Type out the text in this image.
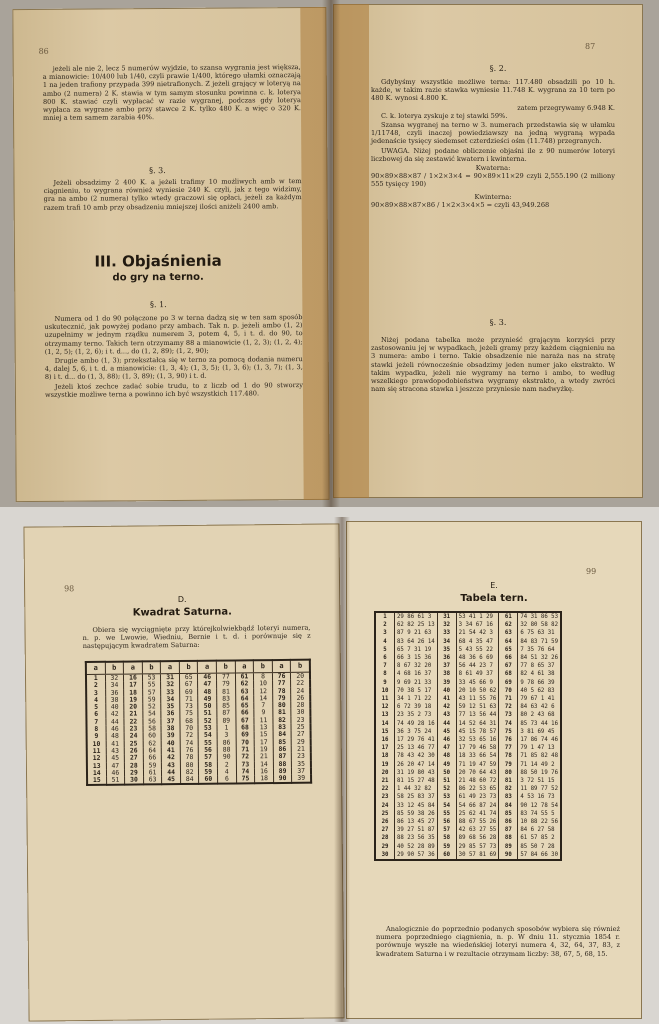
86

jeżeli ale nie 2, lecz 5 numerów wyjdzie, to szansa wygrania jest większa, a mianowicie: 10/400 lub 1/40, czyli prawie 1/400, którego ułamki oznaczają 1 na jeden trafiony przypada 399 nietrafionych. Z jeżeli grający w loteryą na ambo (2 numera) 2 K. stawia w tym samym stosunku powinna c. k. loterya 800 K. stawiać czyli wypłacać w razie wygranej, podczas gdy loterya wypłaca za wygrane ambo przy stawce 2 K. tylko 480 K. a więc o 320 K. mniej a tem samem zarabia 40%.

§. 3.

Jeżeli obsadzimy 2 400 K. a jeżeli trafimy 10 możliwych amb w tem ciągnieniu, to wygrana również wyniesie 240 K. czyli, jak z tego widzimy, gra na ambo (2 numera) tylko wtedy graczowi się opłaci, jeżeli za każdym razem trafi 10 amb przy obsadzeniu mniejszej ilości aniżeli 2400 amb.

III. Objaśnienia
do gry na terno.
§. 1.

Numera od 1 do 90 połączone po 3 w terna dadzą się w ten sam sposób uskutecznić, jak powyżej podano przy ambach. Tak n. p. jeżeli ambo (1, 2) uzupełnimy w jednym rządku numerem 3, potem 4, 5, i t. d. do 90, to otrzymamy terno. Takich tern otrzymamy 88 a mianowicie (1, 2, 3); (1, 2, 4); (1, 2, 5); (1, 2, 6); i t. d..., do (1, 2, 89); (1, 2, 90);

Drugie ambo (1, 3); przekształca się w terno za pomocą dodania numeru 4, dalej 5, 6, i t. d. a mianowicie: (1, 3, 4); (1, 3, 5); (1, 3, 6); (1, 3, 7); (1, 3, 8) i t. d... do (1, 3, 88); (1, 3, 89); (1, 3, 90) i t. d.

Jeżeli ktoś zechce zadać sobie trudu, to z liczb od 1 do 90 stworzy wszystkie możliwe terna a powinno ich być wszystkich 117.480.

87
§. 2.

Gdybyśmy wszystkie możliwe terna: 117.480 obsadzili po 10 h. każde, w takim razie stawka wyniesie 11.748 K. wygrana za 10 tern po 480 K. wynosi 4.800 K.

zatem przegrywamy 6.948 K.

C. k. loterya zyskuje z tej stawki 59%.

Szansa wygranej na terno w 3. numerach przedstawia się w ułamku 1/11748, czyli inaczej powiedziawszy na jedną wygraną wypada jedenaście tysięcy siedemset czterdzieści ośm (11.748) przegranych.

UWAGA. Niżej podane obliczenie objaśni ile z 90 numerów loteryi liczbowej da się zestawić kwatern i kwinterna.

Kwaterna:
90×89×88×87 / 1×2×3×4 = 90×89×11×29 czyli 2,555.190 (2 miliony 555 tysięcy 190)
Kwinterna:
90×89×88×87×86 / 1×2×3×4×5 = czyli 43,949.268
§. 3.

Niżej podana tabelka może przynieść grającym korzyści przy zastosowaniu jej w wypadkach, jeżeli gramy przy każdem ciągnieniu na 3 numera: ambo i terno. Takie obsadzenie nie naraża nas na stratę stawki jeżeli równocześnie obsadzimy jeden numer jako ekstrakto. W takim wypadku, jeżeli nie wygramy na terno i ambo, to według wszelkiego prawdopodobieństwa wygramy ekstrakto, a wtedy zwróci nam się stracona stawka i jeszcze przyniesie nam nadwyżkę.

98
D.
Kwadrat Saturna.

Obiera się wyciągnięte przy którejkolwiekbądź loteryi numera, n. p. we Lwowie, Wiedniu, Bernie i t. d. i porównuje się z następującym kwadratem Saturna:

a	b	a	b	a	b	a	b	a	b	a	b
1	32	16	53	31	65	46	77	61	8	76	20
2	34	17	55	32	67	47	79	62	10	77	22
3	36	18	57	33	69	48	81	63	12	78	24
4	38	19	59	34	71	49	83	64	14	79	26
5	40	20	52	35	73	50	85	65	7	80	28
6	42	21	54	36	75	51	87	66	9	81	30
7	44	22	56	37	68	52	89	67	11	82	23
8	46	23	58	38	70	53	1	68	13	83	25
9	48	24	60	39	72	54	3	69	15	84	27
10	41	25	62	40	74	55	86	70	17	85	29
11	43	26	64	41	76	56	88	71	19	86	21
12	45	27	66	42	78	57	90	72	21	87	23
13	47	28	59	43	80	58	2	73	14	88	35
14	46	29	61	44	82	59	4	74	16	89	37
15	51	30	63	45	84	60	6	75	18	90	39
99
E.
Tabela tern.
1	29 86 61 3	31	53 41 1 29	61	74 31 86 53
2	62 82 25 13	32	3 34 67 16	62	32 80 58 82
3	87 9 21 63	33	21 54 42 3	63	6 75 63 31
4	83 64 26 14	34	68 4 35 47	64	84 83 71 59
5	65 7 31 19	35	5 43 55 22	65	7 35 76 64
6	66 3 15 36	36	48 36 6 69	66	84 51 32 26
7	8 67 32 20	37	56 44 23 7	67	77 8 65 37
8	4 68 16 37	38	8 61 49 37	68	82 4 61 38
9	9 69 21 33	39	33 45 66 9	69	9 78 66 39
10	70 38 5 17	40	20 10 50 62	70	40 5 62 83
11	34 1 71 22	41	43 11 55 76	71	79 67 1 41
12	6 72 39 18	42	59 12 51 63	72	84 63 42 6
13	23 35 2 73	43	77 13 56 44	73	80 2 43 68
14	74 49 28 16	44	14 52 64 31	74	85 73 44 16
15	36 3 75 24	45	45 15 78 57	75	3 81 69 45
16	17 29 76 41	46	32 53 65 16	76	17 86 74 46
17	25 13 46 77	47	17 79 46 58	77	79 1 47 13
18	78 43 42 30	48	18 33 66 54	78	71 85 82 48
19	26 20 47 14	49	71 19 47 59	79	71 14 49 2
20	31 19 80 43	50	20 70 64 43	80	88 50 19 76
21	81 15 27 48	51	21 48 60 72	81	3 72 51 15
22	1 44 32 82	52	86 22 53 65	82	11 89 77 52
23	58 25 83 37	53	61 49 23 73	83	4 53 16 73
24	33 12 45 84	54	54 66 87 24	84	90 12 78 54
25	85 59 38 26	55	25 62 41 74	85	83 74 55 5
26	86 13 45 27	56	88 67 55 26	86	10 88 22 56
27	39 27 51 87	57	42 63 27 55	87	84 6 27 58
28	88 23 56 35	58	89 68 56 28	88	61 57 85 2
29	40 52 28 89	59	29 85 57 73	89	85 50 7 28
30	29 90 57 36	60	30 57 81 69	90	57 84 66 30

Analogicznie do poprzednio podanych sposobów wybiera się również numera poprzedniego ciągnienia, n. p. W dniu 11. stycznia 1854 r. porównuje wyszłe na wiedeńskiej loteryi numera 4, 32, 64, 37, 83, z kwadratem Saturna i w rezultacie otrzymam liczby: 38, 67, 5, 68, 15.
